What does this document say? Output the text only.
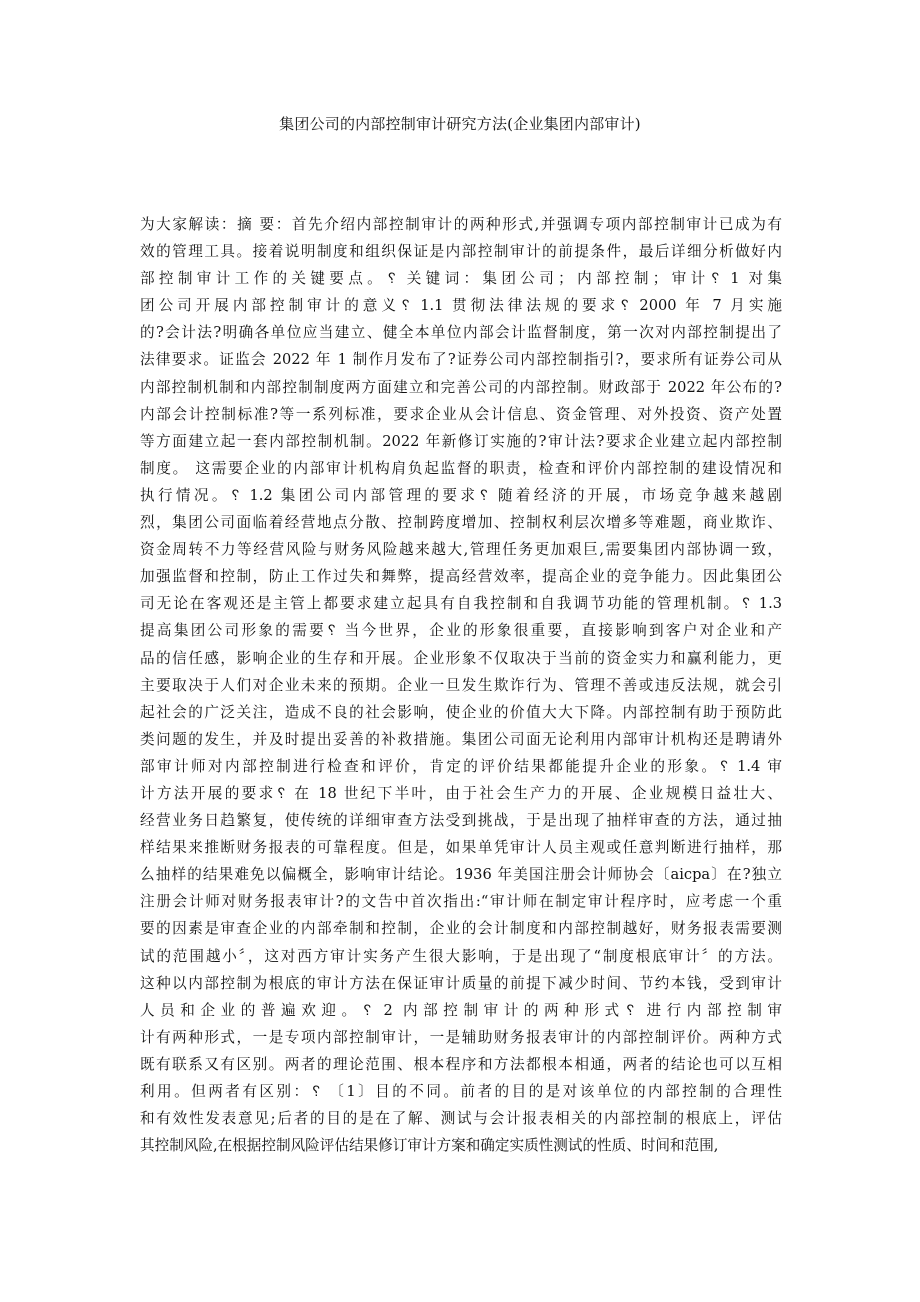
集团公司的内部控制审计研究方法(企业集团内部审计)
为大家解读：摘 要：首先介绍内部控制审计的两种形式,并强调专项内部控制审计已成为有
效的管理工具。接着说明制度和组织保证是内部控制审计的前提条件，最后详细分析做好内
部控制审计工作的关键要点。␦ 关键词：集团公司；内部控制；审计␦ 1 对集
团公司开展内部控制审计的意义␦ 1.1 贯彻法律法规的要求␦ 2000 年 7 月实施
的?会计法?明确各单位应当建立、健全本单位内部会计监督制度，第一次对内部控制提出了
法律要求。证监会 2022 年 1 制作月发布了?证券公司内部控制指引?，要求所有证券公司从
内部控制机制和内部控制制度两方面建立和完善公司的内部控制。财政部于 2022 年公布的?
内部会计控制标准?等一系列标准，要求企业从会计信息、资金管理、对外投资、资产处置
等方面建立起一套内部控制机制。2022 年新修订实施的?审计法?要求企业建立起内部控制
制度。 这需要企业的内部审计机构肩负起监督的职责，检查和评价内部控制的建设情况和
执行情况。␦ 1.2 集团公司内部管理的要求␦ 随着经济的开展，市场竞争越来越剧
烈，集团公司面临着经营地点分散、控制跨度增加、控制权利层次增多等难题，商业欺诈、
资金周转不力等经营风险与财务风险越来越大,管理任务更加艰巨,需要集团内部协调一致，
加强监督和控制，防止工作过失和舞弊，提高经营效率，提高企业的竞争能力。因此集团公
司无论在客观还是主管上都要求建立起具有自我控制和自我调节功能的管理机制。␦ 1.3
提高集团公司形象的需要␦ 当今世界，企业的形象很重要，直接影响到客户对企业和产
品的信任感，影响企业的生存和开展。企业形象不仅取决于当前的资金实力和赢利能力，更
主要取决于人们对企业未来的预期。企业一旦发生欺诈行为、管理不善或违反法规，就会引
起社会的广泛关注，造成不良的社会影响，使企业的价值大大下降。内部控制有助于预防此
类问题的发生，并及时提出妥善的补救措施。集团公司面无论利用内部审计机构还是聘请外
部审计师对内部控制进行检查和评价，肯定的评价结果都能提升企业的形象。␦ 1.4 审
计方法开展的要求␦ 在 18 世纪下半叶，由于社会生产力的开展、企业规模日益壮大、
经营业务日趋繁复，使传统的详细审查方法受到挑战，于是出现了抽样审查的方法，通过抽
样结果来推断财务报表的可靠程度。但是，如果单凭审计人员主观或任意判断进行抽样，那
么抽样的结果难免以偏概全，影响审计结论。1936 年美国注册会计师协会〔aicpa〕在?独立
注册会计师对财务报表审计?的文告中首次指出:“审计师在制定审计程序时，应考虑一个重
要的因素是审查企业的内部牵制和控制，企业的会计制度和内部控制越好，财务报表需要测
试的范围越小〞，这对西方审计实务产生很大影响，于是出现了“制度根底审计〞的方法。
这种以内部控制为根底的审计方法在保证审计质量的前提下减少时间、节约本钱，受到审计
人员和企业的普遍欢迎。␦ 2 内部控制审计的两种形式␦ 进行内部控制审
计有两种形式，一是专项内部控制审计，一是辅助财务报表审计的内部控制评价。两种方式
既有联系又有区别。两者的理论范围、根本程序和方法都根本相通，两者的结论也可以互相
利用。但两者有区别：␦ 〔1〕目的不同。前者的目的是对该单位的内部控制的合理性
和有效性发表意见;后者的目的是在了解、测试与会计报表相关的内部控制的根底上，评估
其控制风险,在根据控制风险评估结果修订审计方案和确定实质性测试的性质、时间和范围,
